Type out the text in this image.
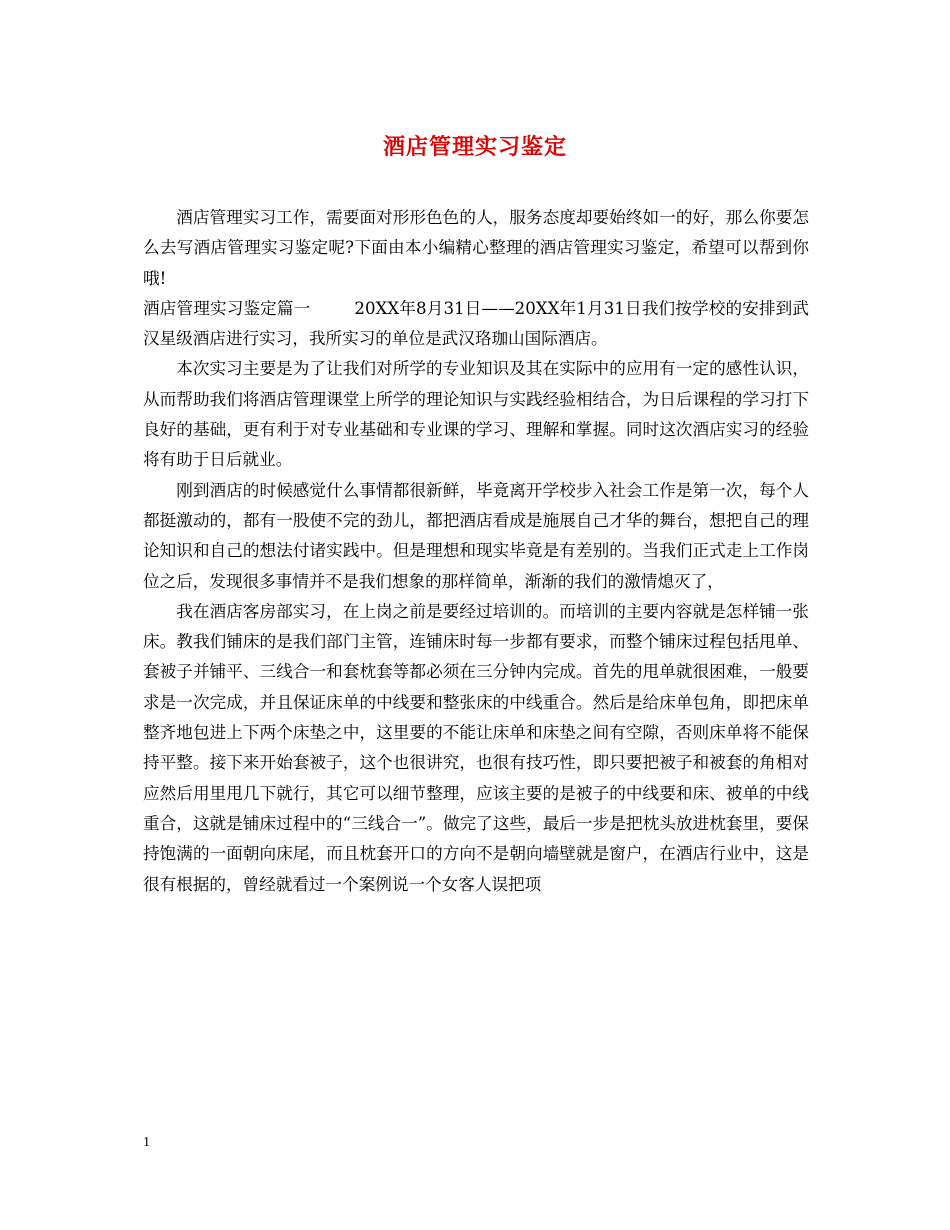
酒店管理实习鉴定

酒店管理实习工作，需要面对形形色色的人，服务态度却要始终如一的好，那么你要怎么去写酒店管理实习鉴定呢?下面由本小编精心整理的酒店管理实习鉴定，希望可以帮到你哦!

酒店管理实习鉴定篇一	20XX年8月31日——20XX年1月31日我们按学校的安排到武汉星级酒店进行实习，我所实习的单位是武汉珞珈山国际酒店。

本次实习主要是为了让我们对所学的专业知识及其在实际中的应用有一定的感性认识，从而帮助我们将酒店管理课堂上所学的理论知识与实践经验相结合，为日后课程的学习打下良好的基础，更有利于对专业基础和专业课的学习、理解和掌握。同时这次酒店实习的经验将有助于日后就业。

刚到酒店的时候感觉什么事情都很新鲜，毕竟离开学校步入社会工作是第一次，每个人都挺激动的，都有一股使不完的劲儿，都把酒店看成是施展自己才华的舞台，想把自己的理论知识和自己的想法付诸实践中。但是理想和现实毕竟是有差别的。当我们正式走上工作岗位之后，发现很多事情并不是我们想象的那样简单，渐渐的我们的激情熄灭了，

我在酒店客房部实习，在上岗之前是要经过培训的。而培训的主要内容就是怎样铺一张床。教我们铺床的是我们部门主管，连铺床时每一步都有要求，而整个铺床过程包括甩单、套被子并铺平、三线合一和套枕套等都必须在三分钟内完成。首先的甩单就很困难，一般要求是一次完成，并且保证床单的中线要和整张床的中线重合。然后是给床单包角，即把床单整齐地包进上下两个床垫之中，这里要的不能让床单和床垫之间有空隙，否则床单将不能保持平整。接下来开始套被子，这个也很讲究，也很有技巧性，即只要把被子和被套的角相对应然后用里甩几下就行，其它可以细节整理，应该主要的是被子的中线要和床、被单的中线重合，这就是铺床过程中的“三线合一”。做完了这些，最后一步是把枕头放进枕套里，要保持饱满的一面朝向床尾，而且枕套开口的方向不是朝向墙壁就是窗户，在酒店行业中，这是很有根据的，曾经就看过一个案例说一个女客人误把项

1
